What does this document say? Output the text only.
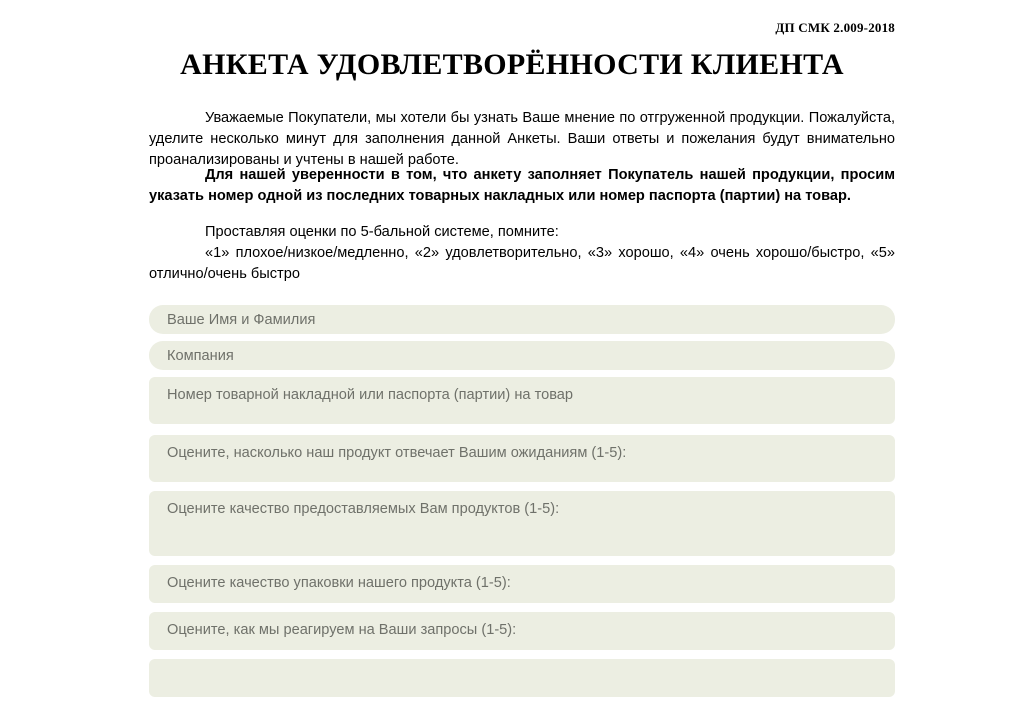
ДП СМК 2.009-2018
АНКЕТА УДОВЛЕТВОРЁННОСТИ КЛИЕНТА

Уважаемые Покупатели, мы хотели бы узнать Ваше мнение по отгруженной продукции. Пожалуйста, уделите несколько минут для заполнения данной Анкеты. Ваши ответы и пожелания будут внимательно проанализированы и учтены в нашей работе.

Для нашей уверенности в том, что анкету заполняет Покупатель нашей продукции, просим указать номер одной из последних товарных накладных или номер паспорта (партии) на товар.

Проставляя оценки по 5-бальной системе, помните:

«1» плохое/низкое/медленно, «2» удовлетворительно, «3» хорошо, «4» очень хорошо/быстро, «5» отлично/очень быстро

Ваше Имя и Фамилия
Компания
Номер товарной накладной или паспорта (партии) на товар
Оцените, насколько наш продукт отвечает Вашим ожиданиям (1-5):
Оцените качество предоставляемых Вам продуктов (1-5):
Оцените качество упаковки нашего продукта (1-5):
Оцените, как мы реагируем на Ваши запросы (1-5):
